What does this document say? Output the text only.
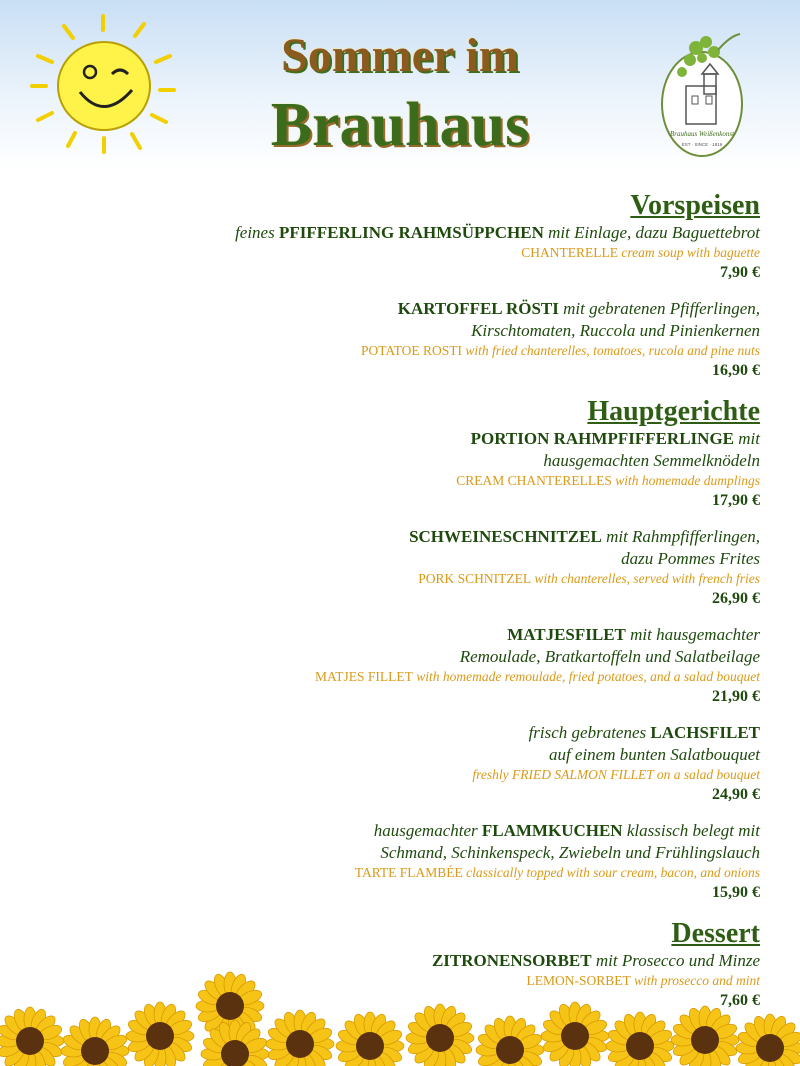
Sommer im
Brauhaus	Brauhaus Weißenkonst
EST · SINCE · 1816
Vorspeisen
feines PFIFFERLING RAHMSÜPPCHEN mit Einlage, dazu Baguettebrot
CHANTERELLE cream soup with baguette
7,90 €
KARTOFFEL RÖSTI mit gebratenen Pfifferlingen,
Kirschtomaten, Ruccola und Pinienkernen
POTATOE ROSTI with fried chanterelles, tomatoes, rucola and pine nuts
16,90 €
Hauptgerichte
PORTION RAHMPFIFFERLINGE mit
hausgemachten Semmelknödeln
CREAM CHANTERELLES with homemade dumplings
17,90 €
SCHWEINESCHNITZEL mit Rahmpfifferlingen,
dazu Pommes Frites
PORK SCHNITZEL with chanterelles, served with french fries
26,90 €
MATJESFILET mit hausgemachter
Remoulade, Bratkartoffeln und Salatbeilage
MATJES FILLET with homemade remoulade, fried potatoes, and a salad bouquet
21,90 €
frisch gebratenes LACHSFILET
auf einem bunten Salatbouquet
freshly FRIED SALMON FILLET on a salad bouquet
24,90 €
hausgemachter FLAMMKUCHEN klassisch belegt mit
Schmand, Schinkenspeck, Zwiebeln und Frühlingslauch
TARTE FLAMBÉE classically topped with sour cream, bacon, and onions
15,90 €
Dessert
ZITRONENSORBET mit Prosecco und Minze
LEMON-SORBET with prosecco and mint
7,60 €
